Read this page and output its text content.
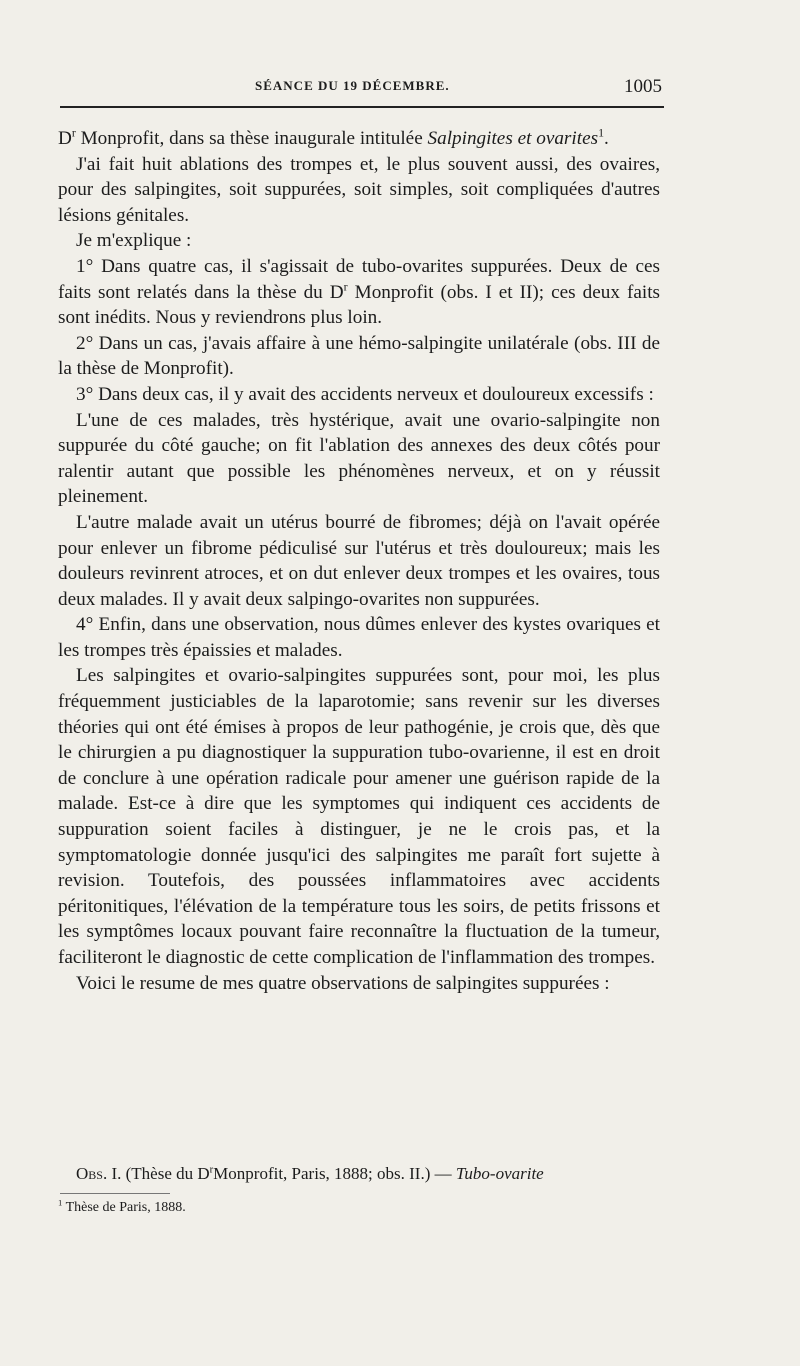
SÉANCE DU 19 DÉCEMBRE.	1005

$D^r$ Monprofit, dans sa thèse inaugurale intitulée Salpingites et ovarites$^1$.

J'ai fait huit ablations des trompes et, le plus souvent aussi, des ovaires, pour des salpingites, soit suppurées, soit simples, soit compliquées d'autres lésions génitales.

Je m'explique :

1° Dans quatre cas, il s'agissait de tubo-ovarites suppurées. Deux de ces faits sont relatés dans la thèse du $D^r$ Monprofit (obs. I et II); ces deux faits sont inédits. Nous y reviendrons plus loin.

2° Dans un cas, j'avais affaire à une hémo-salpingite unilatérale (obs. III de la thèse de Monprofit).

3° Dans deux cas, il y avait des accidents nerveux et douloureux excessifs :

L'une de ces malades, très hystérique, avait une ovario-salpingite non suppurée du côté gauche; on fit l'ablation des annexes des deux côtés pour ralentir autant que possible les phénomènes nerveux, et on y réussit pleinement.

L'autre malade avait un utérus bourré de fibromes; déjà on l'avait opérée pour enlever un fibrome pédiculisé sur l'utérus et très douloureux; mais les douleurs revinrent atroces, et on dut enlever deux trompes et les ovaires, tous deux malades. Il y avait deux salpingo-ovarites non suppurées.

4° Enfin, dans une observation, nous dûmes enlever des kystes ovariques et les trompes très épaissies et malades.

Les salpingites et ovario-salpingites suppurées sont, pour moi, les plus fréquemment justiciables de la laparotomie; sans revenir sur les diverses théories qui ont été émises à propos de leur pathogénie, je crois que, dès que le chirurgien a pu diagnostiquer la suppuration tubo-ovarienne, il est en droit de conclure à une opération radicale pour amener une guérison rapide de la malade. Est-ce à dire que les symptomes qui indiquent ces accidents de suppuration soient faciles à distinguer, je ne le crois pas, et la symptomatologie donnée jusqu'ici des salpingites me paraît fort sujette à revision. Toutefois, des poussées inflammatoires avec accidents péritonitiques, l'élévation de la température tous les soirs, de petits frissons et les symptômes locaux pouvant faire reconnaître la fluctuation de la tumeur, faciliteront le diagnostic de cette complication de l'inflammation des trompes.

Voici le resume de mes quatre observations de salpingites suppurées :

Obs. I. (Thèse du $D^rMonprofit$, Paris, 1888; obs. II.) — Tubo-ovarite
$^1$ Thèse de Paris, 1888.
